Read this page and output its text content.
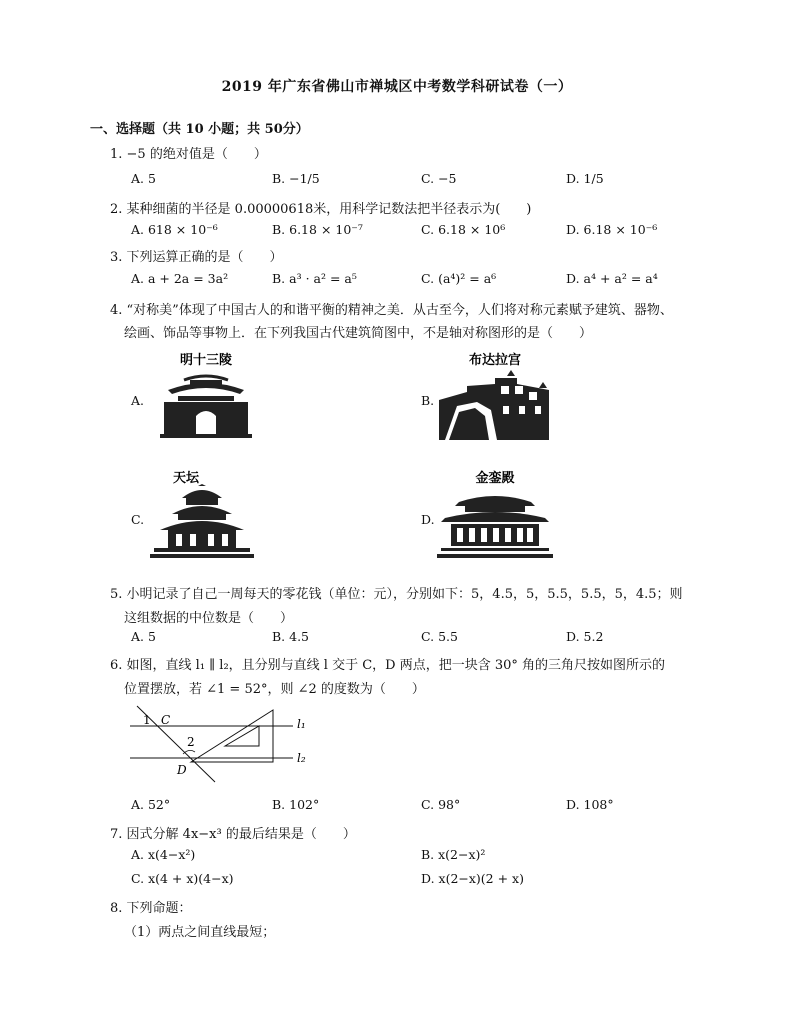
2019 年广东省佛山市禅城区中考数学科研试卷（一）
一、选择题（共 10 小题；共 50分）
1. −5 的绝对值是（　　）
A. 5	B. −1/5	C. −5	D. 1/5
2. 某种细菌的半径是 0.00000618米，用科学记数法把半径表示为(　　)
A. 618 × 10⁻⁶	B. 6.18 × 10⁻⁷	C. 6.18 × 10⁶	D. 6.18 × 10⁻⁶
3. 下列运算正确的是（　　）
A. a + 2a = 3a²	B. a³ · a² = a⁵	C. (a⁴)² = a⁶	D. a⁴ + a² = a⁴
4. “对称美”体现了中国古人的和谐平衡的精神之美．从古至今，人们将对称元素赋予建筑、器物、
绘画、饰品等事物上．在下列我国古代建筑简图中，不是轴对称图形的是（　　）
A.
明十三陵
B.
布达拉宫
C.
天坛
D.
金銮殿
5. 小明记录了自己一周每天的零花钱（单位：元），分别如下：5，4.5，5，5.5，5.5，5，4.5；则
这组数据的中位数是（　　）
A. 5	B. 4.5	C. 5.5	D. 5.2
6. 如图，直线 l₁ ∥ l₂，且分别与直线 l 交于 C，D 两点，把一块含 30° 角的三角尺按如图所示的
位置摆放，若 ∠1 = 52°，则 ∠2 的度数为（　　）
1 C
2
D
l₁
l₂
A. 52°	B. 102°	C. 98°	D. 108°
7. 因式分解 4x−x³ 的最后结果是（　　）
A. x(4−x²)	B. x(2−x)²
C. x(4 + x)(4−x)	D. x(2−x)(2 + x)
8. 下列命题：
（1）两点之间直线最短；
